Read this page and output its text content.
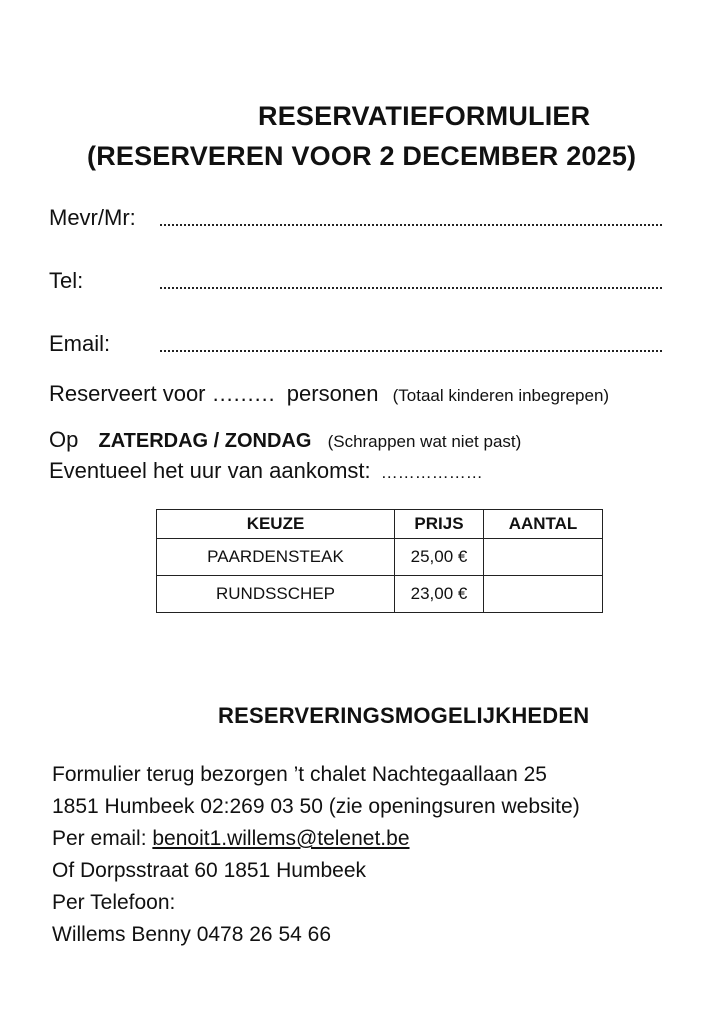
RESERVATIEFORMULIER
(RESERVEREN VOOR 2 DECEMBER 2025)
Mevr/Mr:
Tel:
Email:
Reserveert voor ……… personen (Totaal kinderen inbegrepen)
Op ZATERDAG / ZONDAG (Schrappen wat niet past)
Eventueel het uur van aankomst: ………………
KEUZE	PRIJS	AANTAL
PAARDENSTEAK	25,00 €	
RUNDSSCHEP	23,00 €	
RESERVERINGSMOGELIJKHEDEN
Formulier terug bezorgen ’t chalet Nachtegaallaan 25
1851 Humbeek 02:269 03 50 (zie openingsuren website)
Per email: benoit1.willems@telenet.be
Of Dorpsstraat 60 1851 Humbeek
Per Telefoon:
Willems Benny 0478 26 54 66
